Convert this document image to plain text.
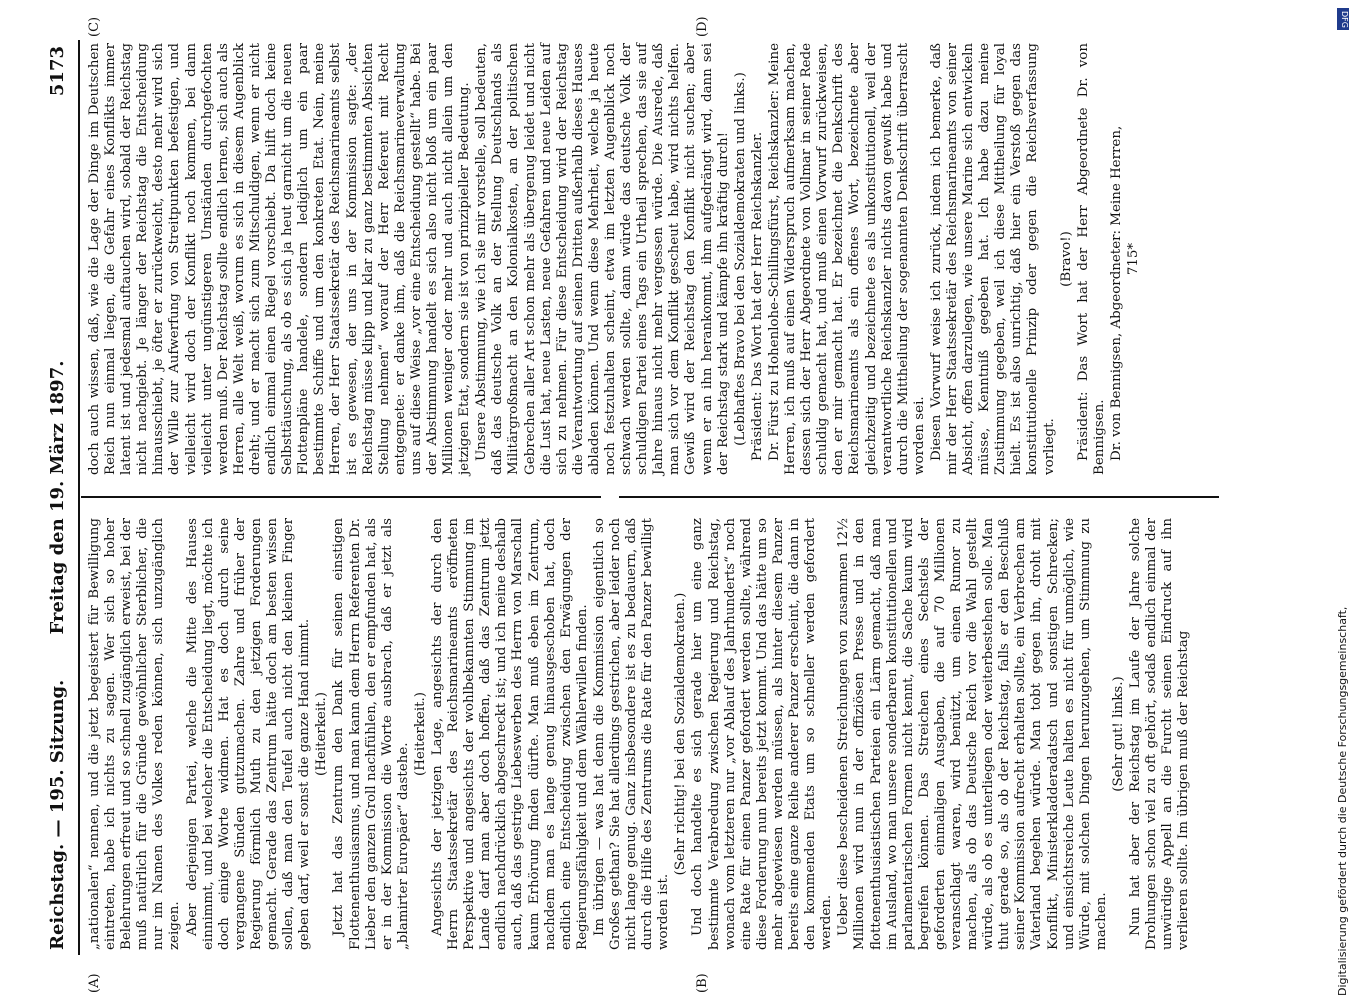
Reichstag. — 195. Sitzung.
Freitag den 19. März 1897.
5173
(A)	(B)
(C)	(D)

„nationalen“ nennen, und die jetzt begeistert für Bewilligung eintreten, habe ich nichts zu sagen. Wer sich so hoher Belehrungen erfreut und so schnell zugänglich erweist, bei der muß natürlich für die Gründe gewöhnlicher Sterblicher, die nur im Namen des Volkes reden können, sich unzugänglich zeigen. Aber derjenigen Partei, welche die Mitte des Hauses einnimmt, und bei welcher die Entscheidung liegt, möchte ich doch einige Worte widmen. Hat es doch durch seine vergangene Sünden gutzumachen. Zahre und früher der Regierung förmlich Muth zu den jetzigen Forderungen gemacht. Gerade das Zentrum hätte doch am besten wissen sollen, daß man den Teufel auch nicht den kleinen Finger geben darf, weil er sonst die ganze Hand nimmt. (Heiterkeit.) Jetzt hat das Zentrum den Dank für seinen einstigen Flottenenthusiasmus, und man kann dem Herrn Referenten Dr. Lieber den ganzen Groll nachfühlen, den er empfunden hat, als er in der Kommission die Worte ausbrach, daß er jetzt als „blamirter Europäer“ dastehe.

(Heiterkeit.) Angesichts der jetzigen Lage, angesichts der durch den Herrn Staatssekretär des Reichsmarineamts eröffneten Perspektive und angesichts der wohlbekannten Stimmung im Lande darf man aber doch hoffen, daß das Zentrum jetzt endlich nachdrücklich abgeschreckt ist; und ich meine deshalb auch, daß das gestrige Liebeswerben des Herrn von Marschall kaum Erhörung finden dürfte. Man muß eben im Zentrum, nachdem man es lange genug hinausgeschoben hat, doch endlich eine Entscheidung zwischen den Erwägungen der Regierungsfähigkeit und dem Wählerwillen finden. Im übrigen — was hat denn die Kommission eigentlich so Großes gethan? Sie hat allerdings gestrichen, aber leider noch nicht lange genug. Ganz insbesondere ist es zu bedauern, daß durch die Hilfe des Zentrums die Rate für den Panzer bewilligt worden ist.

(Sehr richtig! bei den Sozialdemokraten.) Und doch handelte es sich gerade hier um eine ganz bestimmte Verabredung zwischen Regierung und Reichstag, wonach vom letzteren nur „vor Ablauf des Jahrhunderts“ noch eine Rate für einen Panzer gefordert werden sollte, während diese Forderung nun bereits jetzt kommt. Und das hätte um so mehr abgewiesen werden müssen, als hinter diesem Panzer bereits eine ganze Reihe anderer Panzer erscheint, die dann in den kommenden Etats um so schneller werden gefordert werden. Ueber diese bescheidenen Streichungen von zusammen 12½ Millionen wird nun in der offiziösen Presse und in den flottenenthusiastischen Parteien ein Lärm gemacht, daß man im Ausland, wo man unsere sonderbaren konstitutionellen und parlamentarischen Formen nicht kennt, die Sache kaum wird begreifen können. Das Streichen eines Sechstels der geforderten einmaligen Ausgaben, die auf 70 Millionen veranschlagt waren, wird benützt, um einen Rumor zu machen, als ob das Deutsche Reich vor die Wahl gestellt würde, als ob es unterliegen oder weiterbestehen solle. Man thut gerade so, als ob der Reichstag, falls er den Beschluß seiner Kommission aufrecht erhalten sollte, ein Verbrechen am Vaterland begehen würde. Man tobt gegen ihn, droht mit Konflikt, Ministerkladderadatsch und sonstigen Schrecken; und einsichtsreiche Leute halten es nicht für unmöglich, wie Würde, mit solchen Dingen herunzugehen, um Stimmung zu machen.

(Sehr gut! links.) Nun hat aber der Reichstag im Laufe der Jahre solche Drohungen schon viel zu oft gehört, sodaß endlich einmal der unwürdige Appell an die Furcht seinen Eindruck auf ihn verlieren sollte. Im übrigen muß der Reichstag

doch auch wissen, daß, wie die Lage der Dinge im Deutschen Reich nun einmal liegen, die Gefahr eines Konflikts immer latent ist und jedesmal auftauchen wird, sobald der Reichstag nicht nachgiebt. Je länger der Reichstag die Entscheidung hinausschiebt, je öfter er zurückweicht, desto mehr wird sich der Wille zur Aufwerfung von Streitpunkten befestigen, und vielleicht wird doch der Konflikt noch kommen, bei dann vielleicht unter ungünstigeren Umständen durchgefochten werden muß. Der Reichstag sollte endlich lernen, sich auch als Herren, alle Welt weiß, worum es sich in diesem Augenblick dreht; und er macht sich zum Mitschuldigen, wenn er nicht endlich einmal einen Riegel vorschiebt. Da hilft doch keine Selbsttäuschung, als ob es sich ja heut garnicht um die neuen Flottenpläne handele, sondern lediglich um ein paar bestimmte Schiffe und um den konkreten Etat. Nein, meine Herren, der Herr Staatssekretär des Reichsmarineamts selbst ist es gewesen, der uns in der Kommission sagte: „der Reichstag müsse klipp und klar zu ganz bestimmten Absichten Stellung nehmen“ worauf der Herr Referent mit Recht entgegnete: er danke ihm, daß die Reichsmarineverwaltung uns auf diese Weise „vor eine Entscheidung gestellt“ habe. Bei der Abstimmung handelt es sich also nicht bloß um ein paar Millionen weniger oder mehr und auch nicht allein um den jetzigen Etat, sondern sie ist von prinzipieller Bedeutung. Unsere Abstimmung, wie ich sie mir vorstelle, soll bedeuten, daß das deutsche Volk an der Stellung Deutschlands als Militärgroßmacht an den Kolonialkosten, an der politischen Gebrechen aller Art schon mehr als übergenug leidet und nicht die Lust hat, neue Lasten, neue Gefahren und neue Leiden auf sich zu nehmen. Für diese Entscheidung wird der Reichstag die Verantwortung auf seinen Dritten außerhalb dieses Hauses abladen können. Und wenn diese Mehrheit, welche ja heute noch festzuhalten scheint, etwa im letzten Augenblick noch schwach werden sollte, dann würde das deutsche Volk der schuldigen Partei eines Tags ein Urtheil sprechen, das sie auf Jahre hinaus nicht mehr vergessen würde. Die Ausrede, daß man sich vor dem Konflikt gescheut habe, wird nichts helfen. Gewiß wird der Reichstag den Konflikt nicht suchen; aber wenn er an ihn herankommt, ihm aufgedrängt wird, dann sei der Reichstag stark und kämpfe ihn kräftig durch! (Lebhaftes Bravo bei den Sozialdemokraten und links.) Präsident: Das Wort hat der Herr Reichskanzler. Dr. Fürst zu Hohenlohe-Schillingsfürst, Reichskanzler: Meine Herren, ich muß auf einen Widerspruch aufmerksam machen, dessen sich der Herr Abgeordnete von Vollmar in seiner Rede schuldig gemacht hat, und muß einen Vorwurf zurückweisen, den er mir gemacht hat. Er bezeichnet die Denkschrift des Reichsmarineamts als ein offenes Wort, bezeichnete aber gleichzeitig und bezeichnete es als unkonstitutionell, weil der verantwortliche Reichskanzler nichts davon gewußt habe und durch die Mittheilung der sogenannten Denkschrift überrascht worden sei. Diesen Vorwurf weise ich zurück, indem ich bemerke, daß mir der Herr Staatssekretär des Reichsmarineamts von seiner Absicht, offen darzulegen, wie unsere Marine sich entwickeln müsse, Kenntniß gegeben hat. Ich habe dazu meine Zustimmung gegeben, weil ich diese Mittheilung für loyal hielt. Es ist also unrichtig, daß hier ein Verstoß gegen das konstitutionelle Prinzip oder gegen die Reichsverfassung vorliegt.

(Bravo!) Präsident: Das Wort hat der Herr Abgeordnete Dr. von Bennigsen. Dr. von Bennigsen, Abgeordneter: Meine Herren, 715*

Digitalisierung gefördert durch die Deutsche Forschungsgemeinschaft,
DFG
